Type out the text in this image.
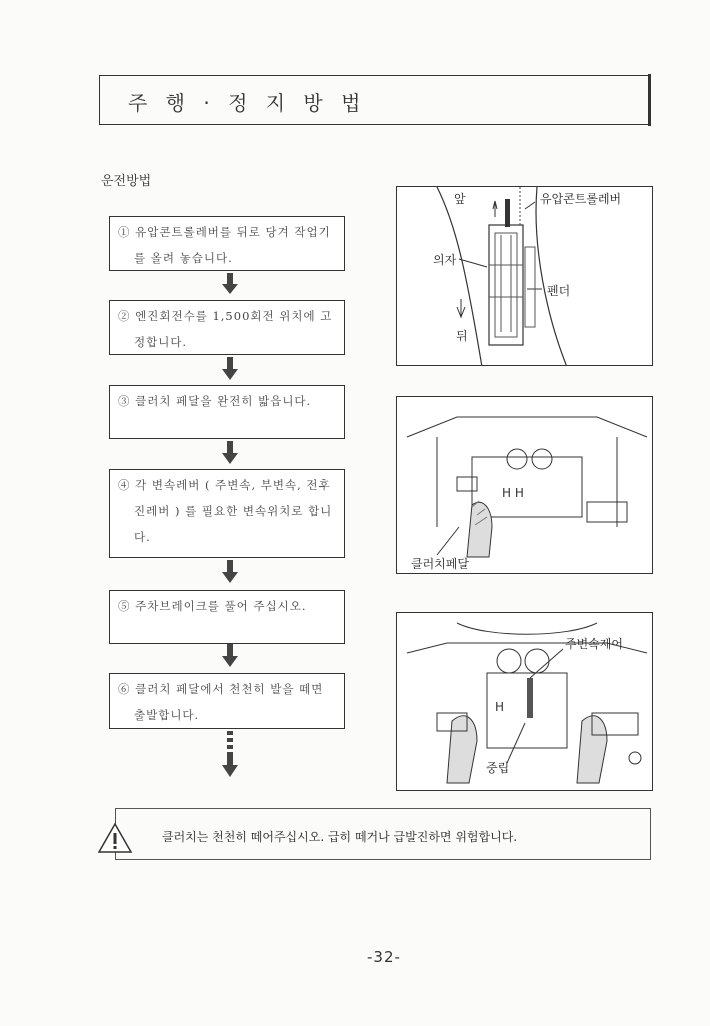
주 행 · 정 지 방 법
운전방법
① 유압콘트롤레버를 뒤로 당겨 작업기
를 올려 놓습니다.
② 엔진회전수를 1,500회전 위치에 고
정합니다.
③ 클러치 페달을 완전히 밟읍니다.
④ 각 변속레버 ( 주변속, 부변속, 전후
진레버 ) 를 필요한 변속위치로 합니
다.
⑤ 주차브레이크를 풀어 주십시오.
⑥ 클러치 페달에서 천천히 발을 떼면
출발합니다.
앞	유압콘트롤레버
의자
펜더
뒤
H H
클러치페달
H
주변속제어
중립
클러치는 천천히 떼어주십시오. 급히 떼거나 급발진하면 위험합니다.
-32-
